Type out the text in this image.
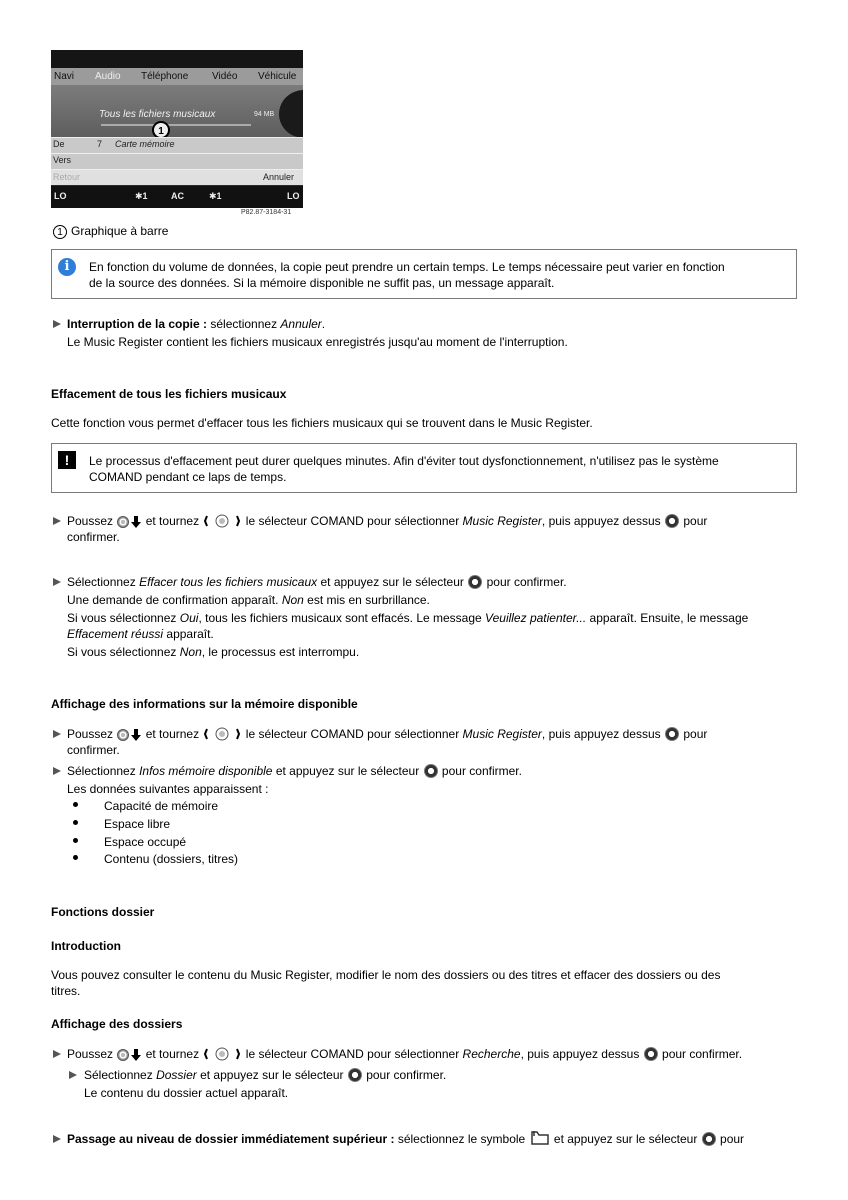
Navi Audio Téléphone Vidéo Véhicule
Tous les fichiers musicaux	94 MB
1
De	7 Carte mémoire
Vers
Retour	Annuler
LO	✱1	AC	✱1	LO
P82.87-3184-31
1 Graphique à barre
i	En fonction du volume de données, la copie peut prendre un certain temps. Le temps nécessaire peut varier en fonction
de la source des données. Si la mémoire disponible ne suffit pas, un message apparaît.
Interruption de la copie : sélectionnez Annuler.
Le Music Register contient les fichiers musicaux enregistrés jusqu'au moment de l'interruption.
Effacement de tous les fichiers musicaux
Cette fonction vous permet d'effacer tous les fichiers musicaux qui se trouvent dans le Music Register.
!	Le processus d'effacement peut durer quelques minutes. Afin d'éviter tout dysfonctionnement, n'utilisez pas le système
COMAND pendant ce laps de temps.
Poussez	et tournez	le sélecteur COMAND pour sélectionner Music Register, puis appuyez dessus pour
confirmer.
Sélectionnez Effacer tous les fichiers musicaux et appuyez sur le sélecteur pour confirmer.
Une demande de confirmation apparaît. Non est mis en surbrillance.
Si vous sélectionnez Oui, tous les fichiers musicaux sont effacés. Le message Veuillez patienter... apparaît. Ensuite, le message
Effacement réussi apparaît.
Si vous sélectionnez Non, le processus est interrompu.
Affichage des informations sur la mémoire disponible
Poussez	et tournez	le sélecteur COMAND pour sélectionner Music Register, puis appuyez dessus pour
confirmer.
Sélectionnez Infos mémoire disponible et appuyez sur le sélecteur pour confirmer.
Les données suivantes apparaissent :
Capacité de mémoire
Espace libre
Espace occupé
Contenu (dossiers, titres)
Fonctions dossier
Introduction
Vous pouvez consulter le contenu du Music Register, modifier le nom des dossiers ou des titres et effacer des dossiers ou des
titres.
Affichage des dossiers
Poussez	et tournez	le sélecteur COMAND pour sélectionner Recherche, puis appuyez dessus pour confirmer.
Sélectionnez Dossier et appuyez sur le sélecteur pour confirmer.
Le contenu du dossier actuel apparaît.
Passage au niveau de dossier immédiatement supérieur : sélectionnez le symbole et appuyez sur le sélecteur pour
